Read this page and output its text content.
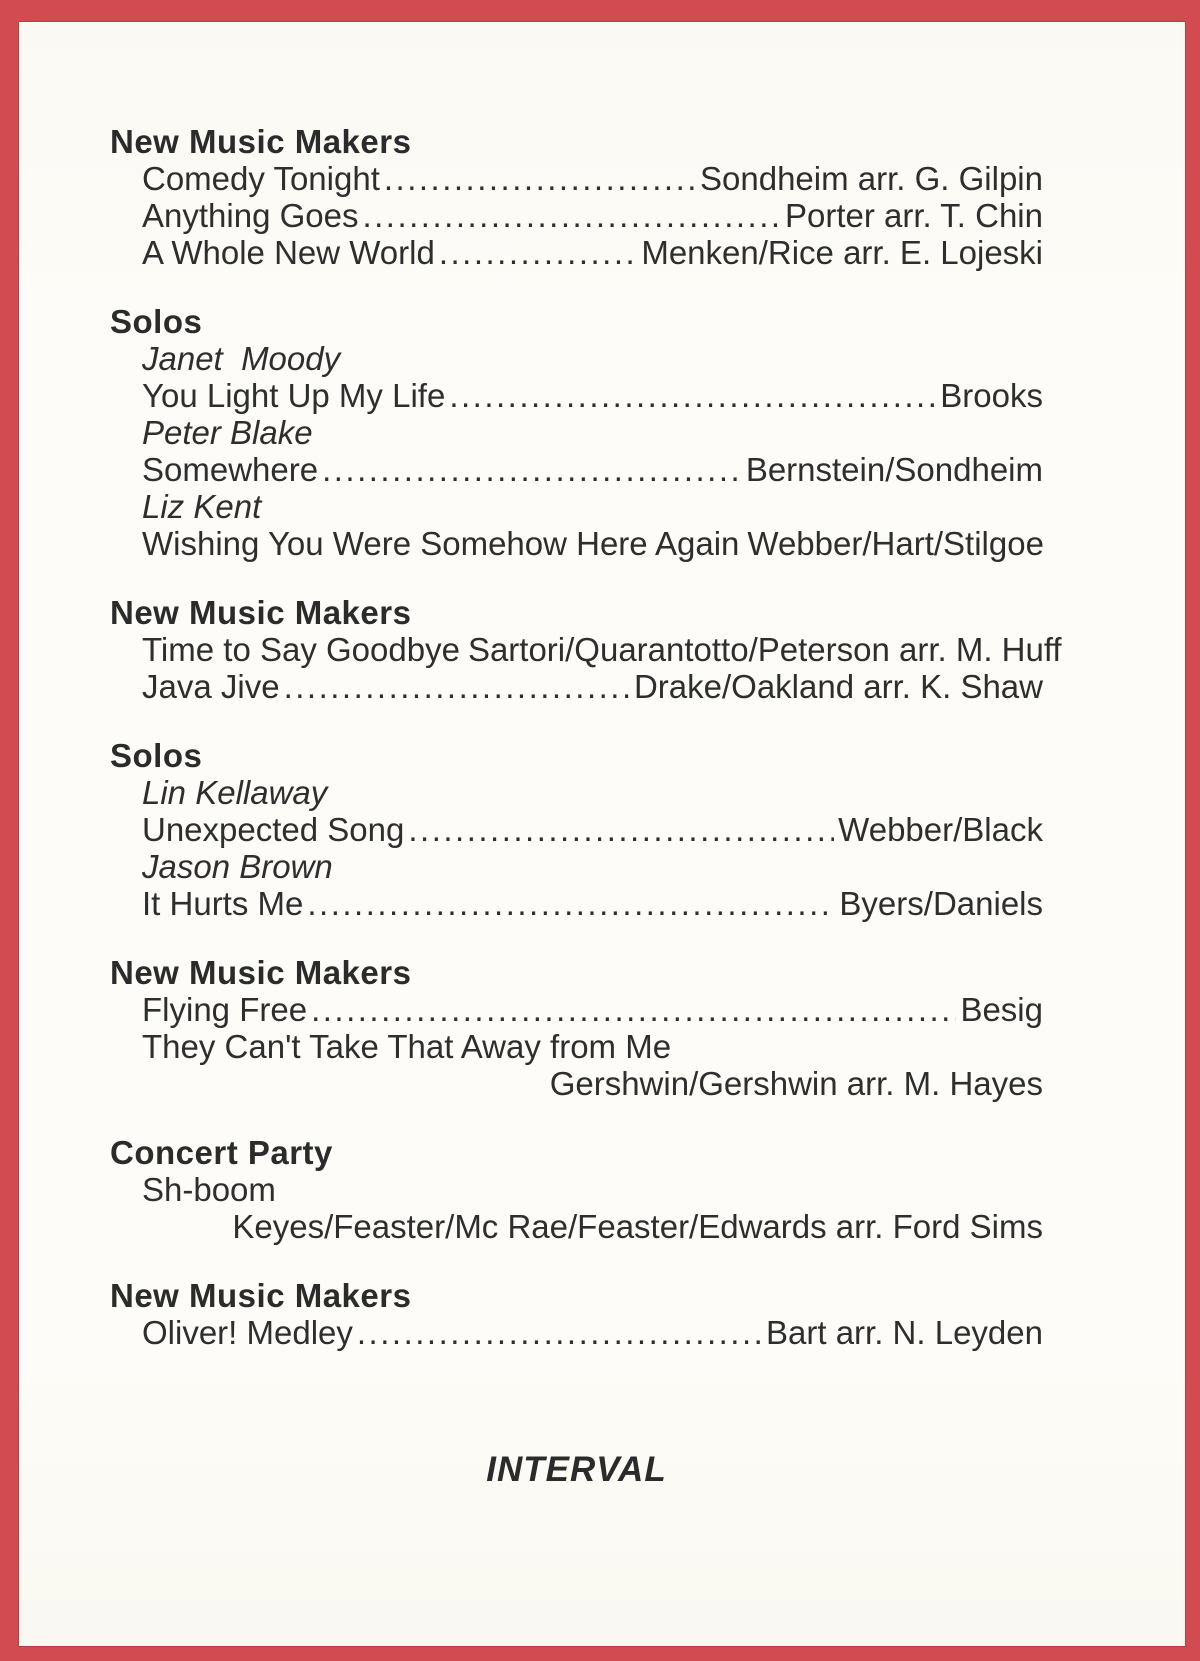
New Music Makers
Comedy Tonight .....	Sondheim arr. G. Gilpin
Anything Goes .....	Porter arr. T. Chin
A Whole New World .....	Menken/Rice arr. E. Lojeski
Solos
Janet  Moody
You Light Up My Life .....	Brooks
Peter Blake
Somewhere .....	Bernstein/Sondheim
Liz Kent
Wishing You Were Somehow Here Again Webber/Hart/Stilgoe
New Music Makers
Time to Say Goodbye Sartori/Quarantotto/Peterson arr. M. Huff
Java Jive .....	Drake/Oakland arr. K. Shaw
Solos
Lin Kellaway
Unexpected Song .....	Webber/Black
Jason Brown
It Hurts Me .....	Byers/Daniels
New Music Makers
Flying Free .....	Besig
They Can't Take That Away from Me
Gershwin/Gershwin arr. M. Hayes
Concert Party
Sh-boom
Keyes/Feaster/Mc Rae/Feaster/Edwards arr. Ford Sims
New Music Makers
Oliver! Medley .....	Bart arr. N. Leyden
INTERVAL
